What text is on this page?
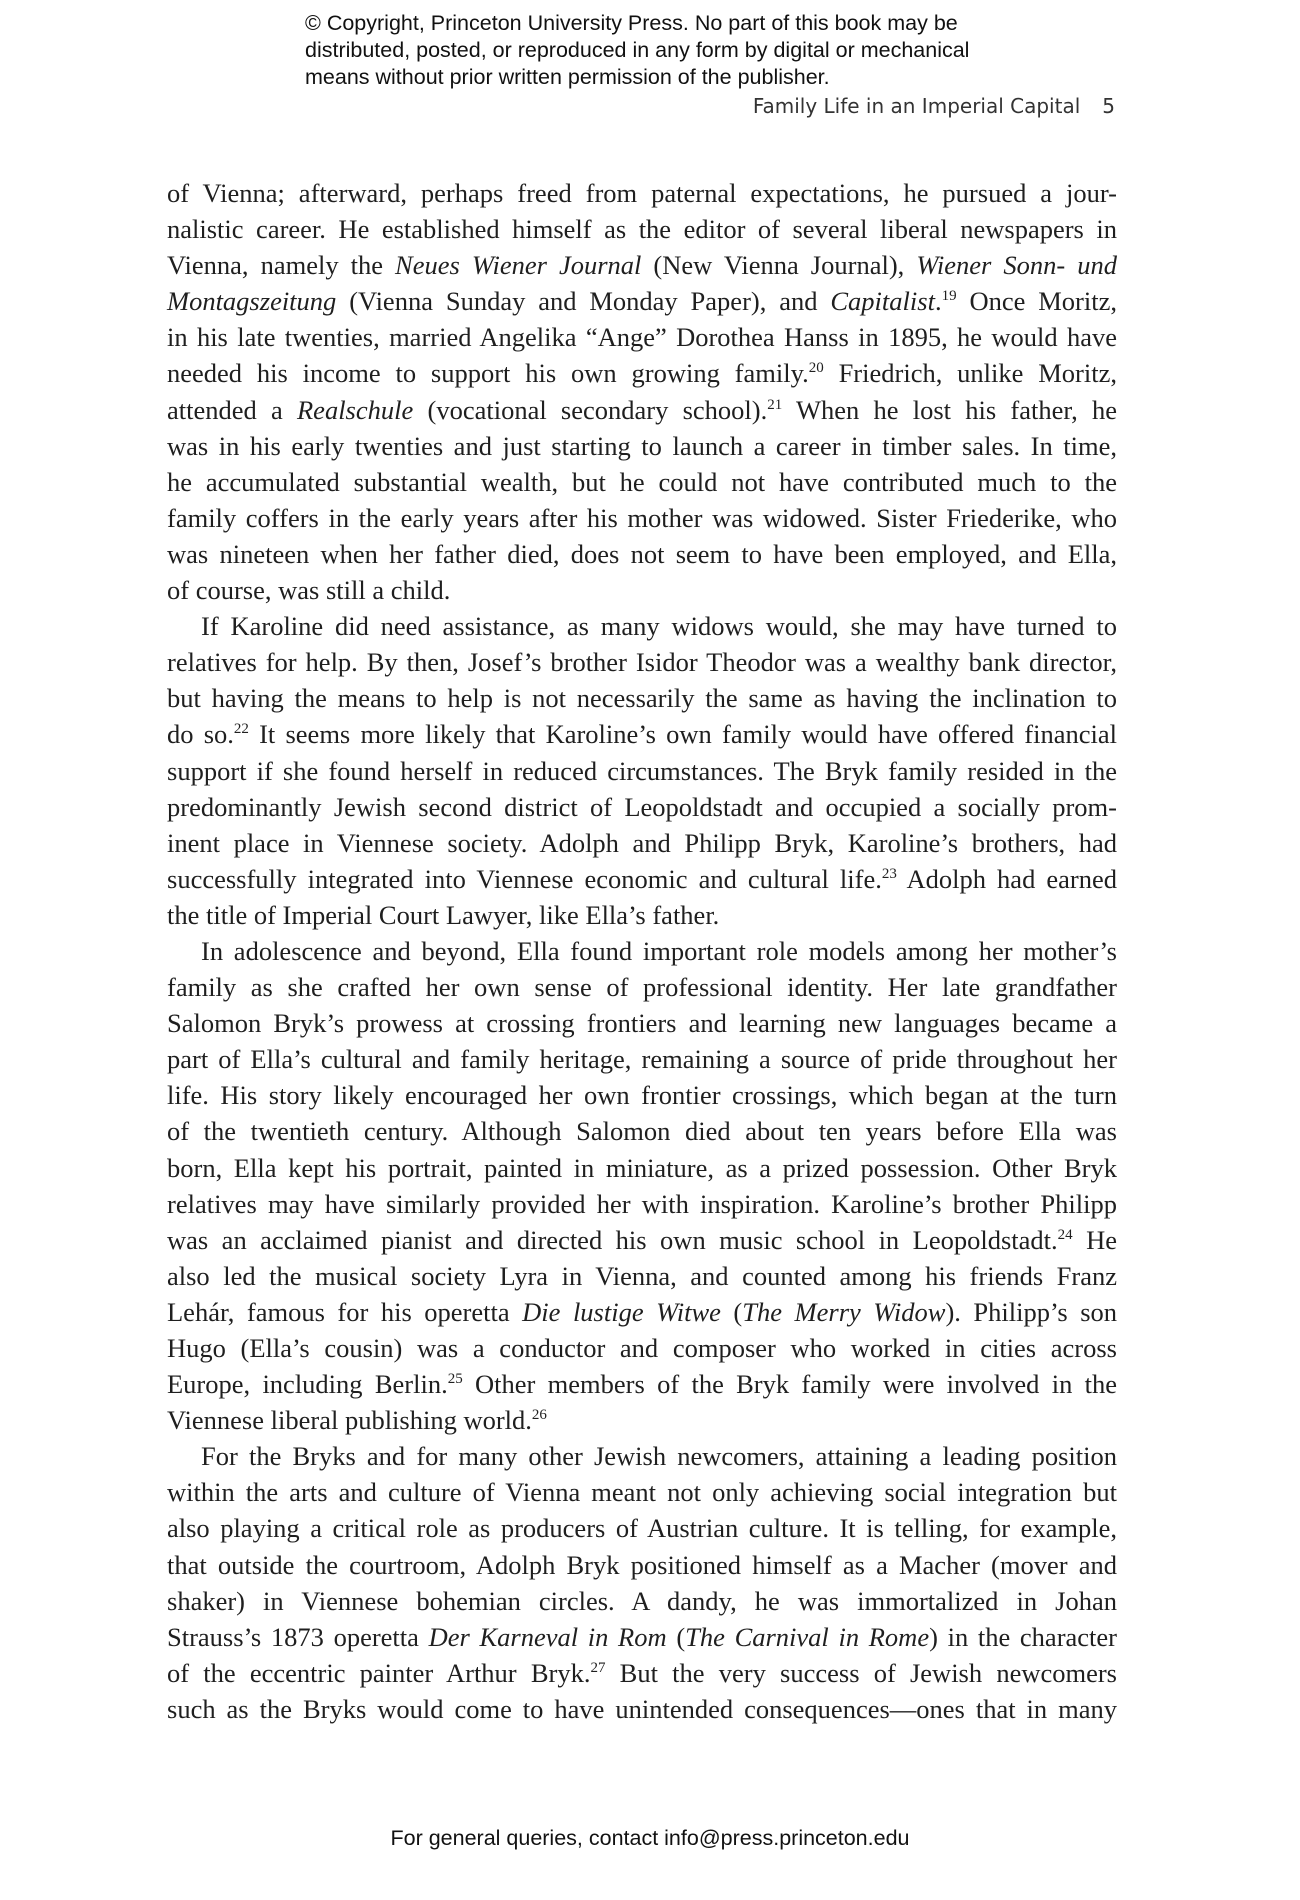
© Copyright, Princeton University Press. No part of this book may be
distributed, posted, or reproduced in any form by digital or mechanical
means without prior written permission of the publisher.
Family Life in an Imperial Capital 5
of Vienna; afterward, perhaps freed from paternal expectations, he pursued a jour-
nalistic career. He established himself as the editor of several liberal newspapers in
Vienna, namely the Neues Wiener Journal (New Vienna Journal), Wiener Sonn- und
Montagszeitung (Vienna Sunday and Monday Paper), and Capitalist.$^{19}$ Once Moritz,
in his late twenties, married Angelika “Ange” Dorothea Hanss in 1895, he would have
needed his income to support his own growing family.$^{20}$ Friedrich, unlike Moritz,
attended a Realschule (vocational secondary school).$^{21}$ When he lost his father, he
was in his early twenties and just starting to launch a career in timber sales. In time,
he accumulated substantial wealth, but he could not have contributed much to the
family coffers in the early years after his mother was widowed. Sister Friederike, who
was nineteen when her father died, does not seem to have been employed, and Ella,
of course, was still a child.
If Karoline did need assistance, as many widows would, she may have turned to
relatives for help. By then, Josef’s brother Isidor Theodor was a wealthy bank director,
but having the means to help is not necessarily the same as having the inclination to
do so.$^{22}$ It seems more likely that Karoline’s own family would have offered financial
support if she found herself in reduced circumstances. The Bryk family resided in the
predominantly Jewish second district of Leopoldstadt and occupied a socially prom-
inent place in Viennese society. Adolph and Philipp Bryk, Karoline’s brothers, had
successfully integrated into Viennese economic and cultural life.$^{23}$ Adolph had earned
the title of Imperial Court Lawyer, like Ella’s father.
In adolescence and beyond, Ella found important role models among her mother’s
family as she crafted her own sense of professional identity. Her late grandfather
Salomon Bryk’s prowess at crossing frontiers and learning new languages became a
part of Ella’s cultural and family heritage, remaining a source of pride throughout her
life. His story likely encouraged her own frontier crossings, which began at the turn
of the twentieth century. Although Salomon died about ten years before Ella was
born, Ella kept his portrait, painted in miniature, as a prized possession. Other Bryk
relatives may have similarly provided her with inspiration. Karoline’s brother Philipp
was an acclaimed pianist and directed his own music school in Leopoldstadt.$^{24}$ He
also led the musical society Lyra in Vienna, and counted among his friends Franz
Lehár, famous for his operetta Die lustige Witwe (The Merry Widow). Philipp’s son
Hugo (Ella’s cousin) was a conductor and composer who worked in cities across
Europe, including Berlin.$^{25}$ Other members of the Bryk family were involved in the
Viennese liberal publishing world.$^{26}$
For the Bryks and for many other Jewish newcomers, attaining a leading position
within the arts and culture of Vienna meant not only achieving social integration but
also playing a critical role as producers of Austrian culture. It is telling, for example,
that outside the courtroom, Adolph Bryk positioned himself as a Macher (mover and
shaker) in Viennese bohemian circles. A dandy, he was immortalized in Johan
Strauss’s 1873 operetta Der Karneval in Rom (The Carnival in Rome) in the character
of the eccentric painter Arthur Bryk.$^{27}$ But the very success of Jewish newcomers
such as the Bryks would come to have unintended consequences—ones that in many
For general queries, contact info@press.princeton.edu
